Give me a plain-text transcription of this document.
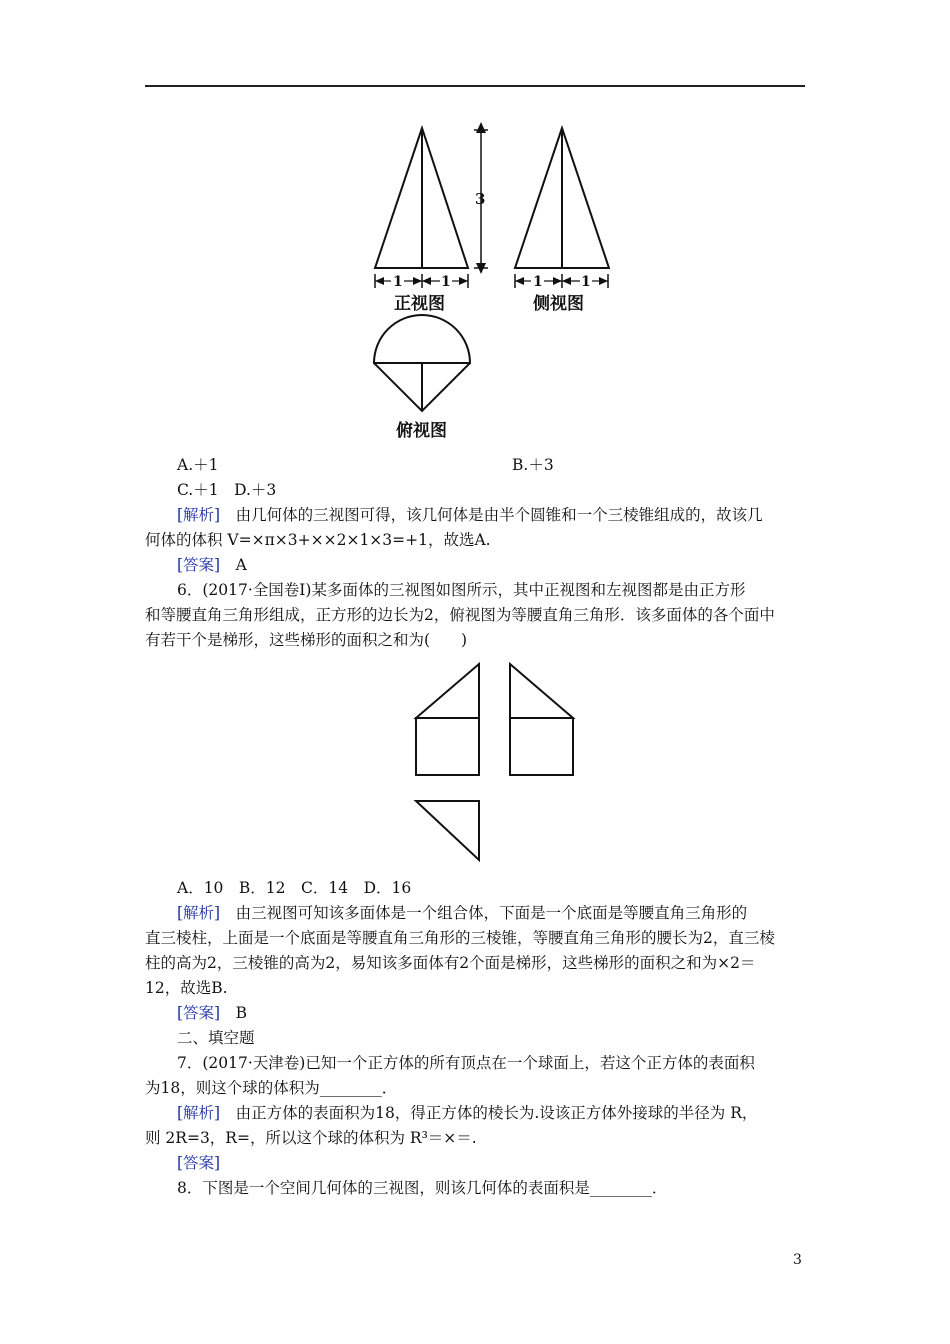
3
1	1	1	1
正视图	侧视图
俯视图
A.＋1	B.＋3
C.＋1　D.＋3
[解析]　 由几何体的三视图可得，该几何体是由半个圆锥和一个三棱锥组成的，故该几
何体的体积 V=×π×3+××2×1×3=+1，故选A.
[答案]　 A
6．(2017·全国卷Ⅰ)某多面体的三视图如图所示，其中正视图和左视图都是由正方形
和等腰直角三角形组成，正方形的边长为2，俯视图为等腰直角三角形．该多面体的各个面中
有若干个是梯形，这些梯形的面积之和为(　　)
A．10　B．12　C．14　D．16
[解析]　 由三视图可知该多面体是一个组合体，下面是一个底面是等腰直角三角形的
直三棱柱，上面是一个底面是等腰直角三角形的三棱锥，等腰直角三角形的腰长为2，直三棱
柱的高为2，三棱锥的高为2，易知该多面体有2个面是梯形，这些梯形的面积之和为×2＝
12，故选B.
[答案]　 B
二、填空题
7．(2017·天津卷)已知一个正方体的所有顶点在一个球面上，若这个正方体的表面积
为18，则这个球的体积为________．
[解析]　 由正方体的表面积为18，得正方体的棱长为.设该正方体外接球的半径为 R，
则 2R=3，R=，所以这个球的体积为 R³＝×＝.
[答案]
8．下图是一个空间几何体的三视图，则该几何体的表面积是________．
3
